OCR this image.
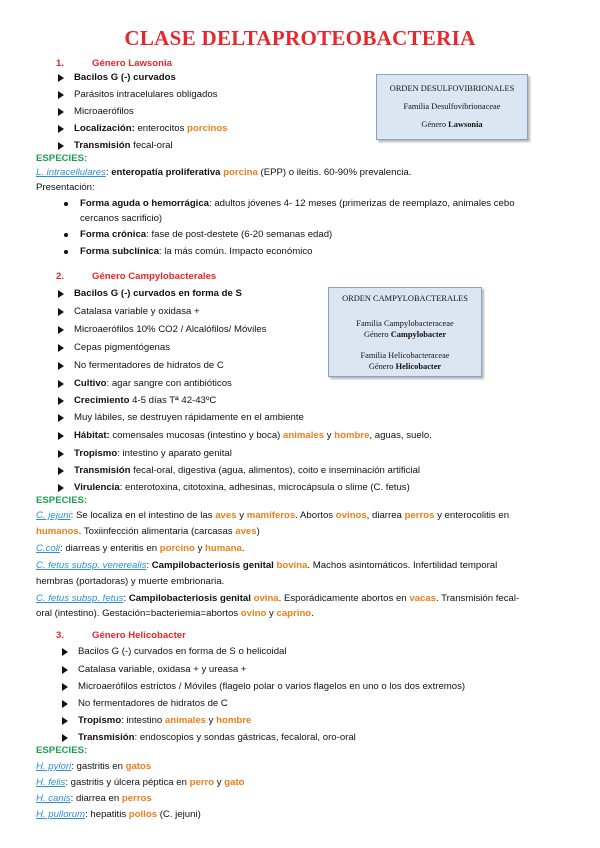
CLASE DELTAPROTEOBACTERIA
1.	Género Lawsonia
Bacilos G (-) curvados
Parásitos intracelulares obligados
Microaerófilos
Localización: enterocitos porcinos
Transmisión fecal-oral
ORDEN DESULFOVIBRIONALES
Familia Desulfovibrionaceae
Género Lawsonia
ESPECIES:
L. intracellulares: enteropatía proliferativa porcina (EPP) o ileítis. 60-90% prevalencia.
Presentación:
Forma aguda o hemorrágica: adultos jóvenes 4- 12 meses (primerizas de reemplazo, animales cebo
cercanos sacrificio)
Forma crónica: fase de post-destete (6-20 semanas edad)
Forma subclínica: la más común. Impacto económico
2.	Género Campylobacterales
Bacilos G (-) curvados en forma de S
Catalasa variable y oxidasa +
Microaerófilos 10% CO2 / Alcalófilos/ Móviles
Cepas pigmentógenas
No fermentadores de hidratos de C
Cultivo: agar sangre con antibióticos
Crecimiento 4-5 días Tª 42-43ºC
Muy lábiles, se destruyen rápidamente en el ambiente
Hábitat: comensales mucosas (intestino y boca) animales y hombre, aguas, suelo.
Tropismo: intestino y aparato genital
Transmisión fecal-oral, digestiva (agua, alimentos), coito e inseminación artificial
Virulencia: enterotoxina, citotoxina, adhesinas, microcápsula o slime (C. fetus)
ORDEN CAMPYLOBACTERALES
Familia Campylobacteraceae
Género Campylobacter
Familia Helicobacteraceae
Género Helicobacter
ESPECIES:
C. jejuni: Se localiza en el intestino de las aves y mamíferos. Abortos ovinos, diarrea perros y enterocolitis en
humanos. Toxiinfección alimentaria (carcasas aves)
C.coli: diarreas y enteritis en porcino y humana.
C. fetus subsp. venerealis: Campilobacteriosis genital bovina. Machos asintomáticos. Infertilidad temporal
hembras (portadoras) y muerte embrionaria.
C. fetus subsp. fetus: Campilobacteriosis genital ovina. Esporádicamente abortos en vacas. Transmisión fecal-
oral (intestino). Gestación=bacteriemia=abortos ovino y caprino.
3.	Género Helicobacter
Bacilos G (-) curvados en forma de S o helicoidal
Catalasa variable, oxidasa + y ureasa +
Microaerófilos estrictos / Móviles (flagelo polar o varios flagelos en uno o los dos extremos)
No fermentadores de hidratos de C
Tropismo: intestino animales y hombre
Transmisión: endoscopios y sondas gástricas, fecaloral, oro-oral
ESPECIES:
H. pylori: gastritis en gatos
H. felis: gastritis y úlcera péptica en perro y gato
H. canis: diarrea en perros
H. pullorum: hepatitis pollos (C. jejuni)
